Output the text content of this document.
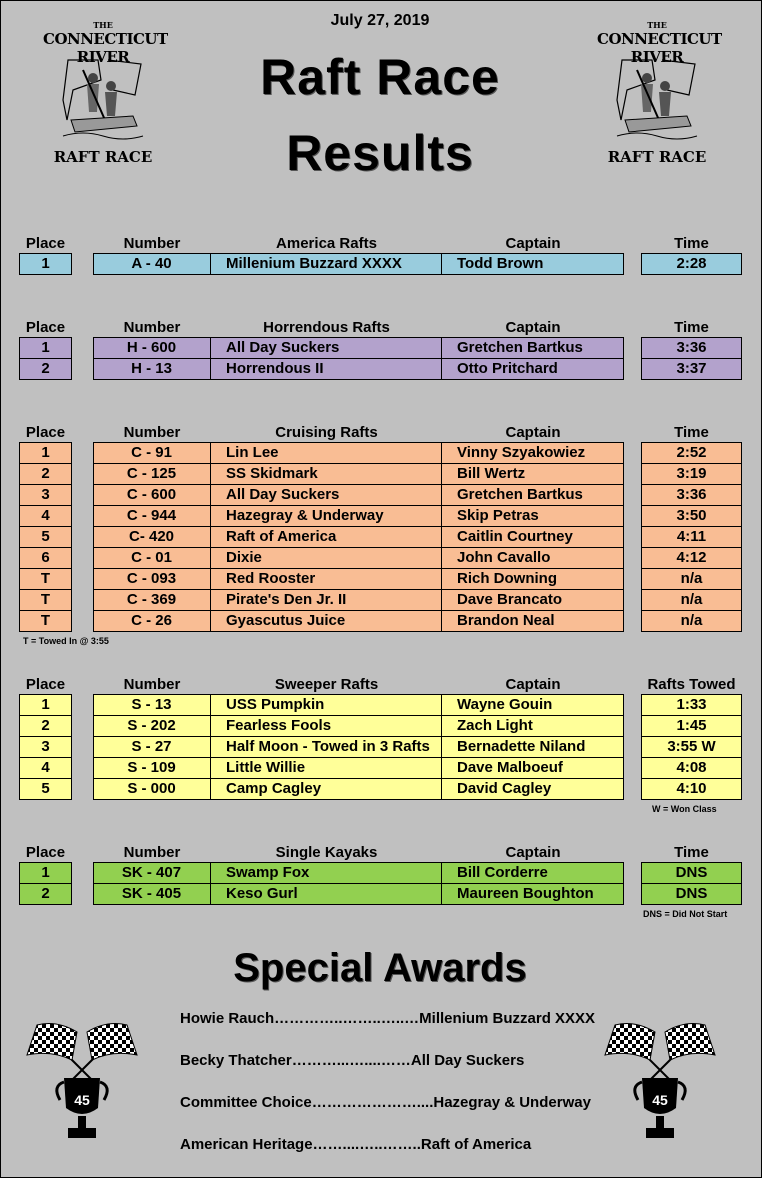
July 27, 2019
Raft Race
Results
THE
CONNECTICUT RIVER
RAFT RACE
THE
CONNECTICUT RIVER
RAFT RACE
Place	Number	America Rafts	Captain	Time
1	A - 40	Millenium Buzzard XXXX	Todd Brown	2:28
Place	Number	Horrendous Rafts	Captain	Time
1	H - 600	All Day Suckers	Gretchen Bartkus	3:36
2	H - 13	Horrendous II	Otto Pritchard	3:37
Place	Number	Cruising Rafts	Captain	Time
1	C - 91	Lin Lee	Vinny Szyakowiez	2:52
2	C - 125	SS Skidmark	Bill Wertz	3:19
3	C - 600	All Day Suckers	Gretchen Bartkus	3:36
4	C - 944	Hazegray & Underway	Skip Petras	3:50
5	C- 420	Raft of America	Caitlin Courtney	4:11
6	C - 01	Dixie	John Cavallo	4:12
T	C - 093	Red Rooster	Rich Downing	n/a
T	C - 369	Pirate's Den Jr. II	Dave Brancato	n/a
T	C - 26	Gyascutus Juice	Brandon Neal	n/a
Place	Number	Sweeper Rafts	Captain	Rafts Towed
1	S - 13	USS Pumpkin	Wayne Gouin	1:33
2	S - 202	Fearless Fools	Zach Light	1:45
3	S - 27	Half Moon - Towed in 3 Rafts	Bernadette Niland	3:55 W
4	S - 109	Little Willie	Dave Malboeuf	4:08
5	S - 000	Camp Cagley	David Cagley	4:10
Place	Number	Single Kayaks	Captain	Time
1	SK - 407	Swamp Fox	Bill Corderre	DNS
2	SK - 405	Keso Gurl	Maureen Boughton	DNS
T = Towed In @ 3:55
W = Won Class
DNS = Did Not Start
Special Awards
Howie Rauch…………..……..…..…Millenium Buzzard XXXX
Becky Thatcher………...…....……All Day Suckers
Committee Choice…………………....Hazegray & Underway
American Heritage……....…..……..Raft of America
45	45
